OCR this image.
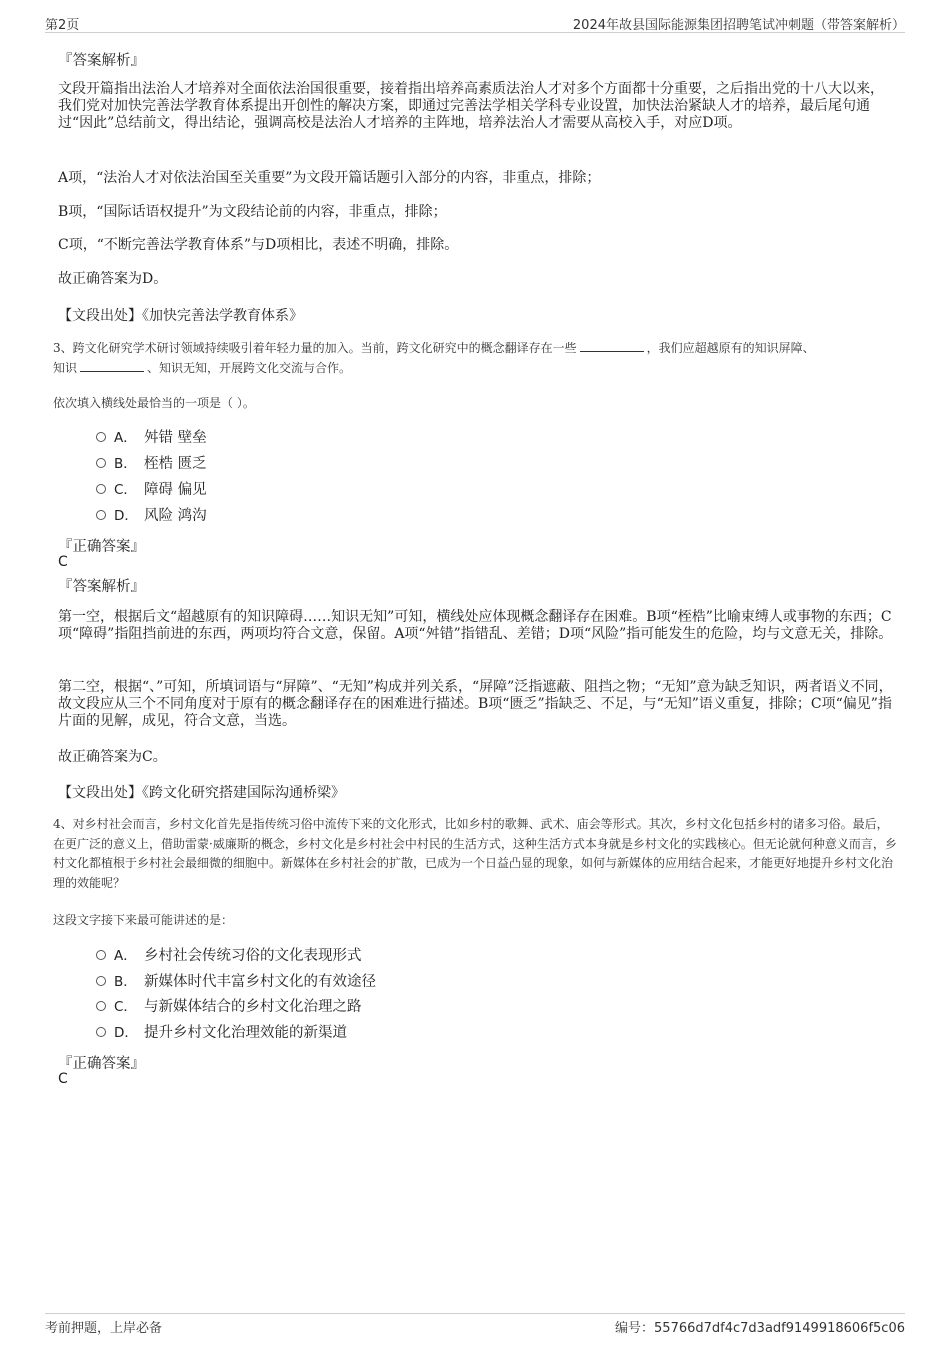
第2页	2024年故县国际能源集团招聘笔试冲刺题（带答案解析）
『答案解析』

文段开篇指出法治人才培养对全面依法治国很重要，接着指出培养高素质法治人才对多个方面都十分重要，之后指出党的十八大以来，我们党对加快完善法学教育体系提出开创性的解决方案，即通过完善法学相关学科专业设置，加快法治紧缺人才的培养，最后尾句通过“因此”总结前文，得出结论，强调高校是法治人才培养的主阵地，培养法治人才需要从高校入手，对应D项。

A项，“法治人才对依法治国至关重要”为文段开篇话题引入部分的内容，非重点，排除；

B项，“国际话语权提升”为文段结论前的内容，非重点，排除；

C项，“不断完善法学教育体系”与D项相比，表述不明确，排除。

故正确答案为D。

【文段出处】《加快完善法学教育体系》
3、跨文化研究学术研讨领域持续吸引着年轻力量的加入。当前，跨文化研究中的概念翻译存在一些	，我们应超越原有的知识屏障、
知识	、知识无知，开展跨文化交流与合作。
依次填入横线处最恰当的一项是（ ）。
A． 舛错 壁垒
B． 桎梏 匮乏
C． 障碍 偏见
D． 风险 鸿沟
『正确答案』
C
『答案解析』

第一空，根据后文“超越原有的知识障碍……知识无知”可知，横线处应体现概念翻译存在困难。B项“桎梏”比喻束缚人或事物的东西；C项“障碍”指阻挡前进的东西，两项均符合文意，保留。A项“舛错”指错乱、差错；D项“风险”指可能发生的危险，均与文意无关，排除。

第二空，根据“、”可知，所填词语与“屏障”、“无知”构成并列关系，“屏障”泛指遮蔽、阻挡之物；“无知”意为缺乏知识，两者语义不同，故文段应从三个不同角度对于原有的概念翻译存在的困难进行描述。B项“匮乏”指缺乏、不足，与“无知”语义重复，排除；C项“偏见”指片面的见解，成见，符合文意，当选。

故正确答案为C。

【文段出处】《跨文化研究搭建国际沟通桥梁》

4、对乡村社会而言，乡村文化首先是指传统习俗中流传下来的文化形式，比如乡村的歌舞、武术、庙会等形式。其次，乡村文化包括乡村的诸多习俗。最后，在更广泛的意义上，借助雷蒙·威廉斯的概念，乡村文化是乡村社会中村民的生活方式，这种生活方式本身就是乡村文化的实践核心。但无论就何种意义而言，乡村文化都植根于乡村社会最细微的细胞中。新媒体在乡村社会的扩散，已成为一个日益凸显的现象，如何与新媒体的应用结合起来，才能更好地提升乡村文化治理的效能呢？

这段文字接下来最可能讲述的是：
A． 乡村社会传统习俗的文化表现形式
B． 新媒体时代丰富乡村文化的有效途径
C． 与新媒体结合的乡村文化治理之路
D． 提升乡村文化治理效能的新渠道
『正确答案』
C
考前押题，上岸必备	编号：55766d7df4c7d3adf9149918606f5c06
